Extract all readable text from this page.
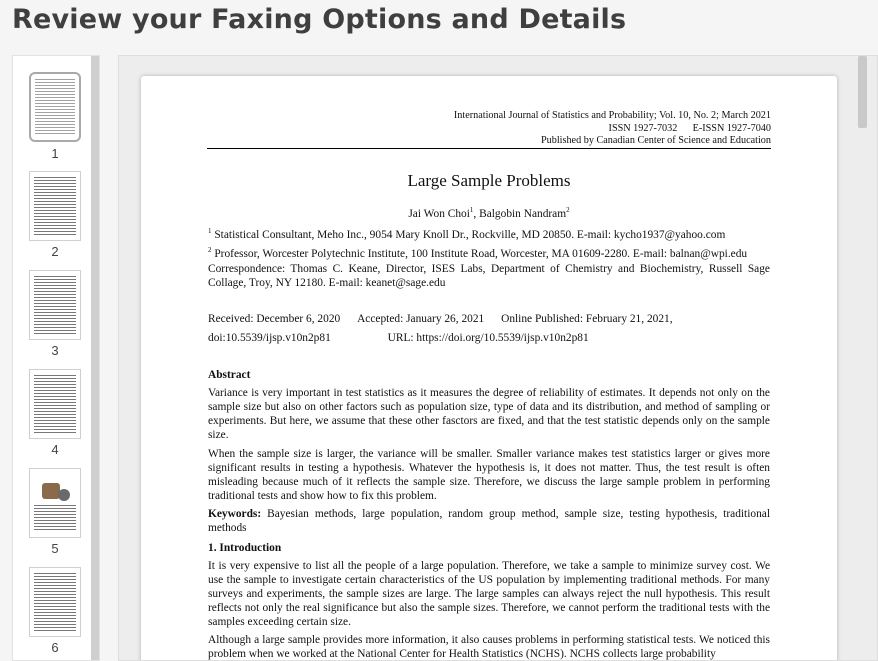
Review your Faxing Options and Details
1
2
3
4
5
6
International Journal of Statistics and Probability; Vol. 10, No. 2; March 2021
ISSN 1927-7032      E-ISSN 1927-7040
Published by Canadian Center of Science and Education
Large Sample Problems
Jai Won Choi$^1$, Balgobin Nandram$^2$
$^1$ Statistical Consultant, Meho Inc., 9054 Mary Knoll Dr., Rockville, MD 20850. E-mail: kycho1937@yahoo.com
$^2$ Professor, Worcester Polytechnic Institute, 100 Institute Road, Worcester, MA 01609-2280. E-mail: balnan@wpi.edu

Correspondence: Thomas C. Keane, Director, ISES Labs, Department of Chemistry and Biochemistry, Russell Sage Collage, Troy, NY 12180. E-mail: keanet@sage.edu

Received: December 6, 2020 Accepted: January 26, 2021 Online Published: February 21, 2021,
doi:10.5539/ijsp.v10n2p81	URL: https://doi.org/10.5539/ijsp.v10n2p81
Abstract

Variance is very important in test statistics as it measures the degree of reliability of estimates. It depends not only on the sample size but also on other factors such as population size, type of data and its distribution, and method of sampling or experiments. But here, we assume that these other fasctors are fixed, and that the test statistic depends only on the sample size.

When the sample size is larger, the variance will be smaller. Smaller variance makes test statistics larger or gives more significant results in testing a hypothesis. Whatever the hypothesis is, it does not matter. Thus, the test result is often misleading because much of it reflects the sample size. Therefore, we discuss the large sample problem in performing traditional tests and show how to fix this problem.

Keywords: Bayesian methods, large population, random group method, sample size, testing hypothesis, traditional methods

1. Introduction

It is very expensive to list all the people of a large population. Therefore, we take a sample to minimize survey cost. We use the sample to investigate certain characteristics of the US population by implementing traditional methods. For many surveys and experiments, the sample sizes are large. The large samples can always reject the null hypothesis. This result reflects not only the real significance but also the sample sizes. Therefore, we cannot perform the traditional tests with the samples exceeding certain size.

Although a large sample provides more information, it also causes problems in performing statistical tests. We noticed this problem when we worked at the National Center for Health Statistics (NCHS). NCHS collects large probability
